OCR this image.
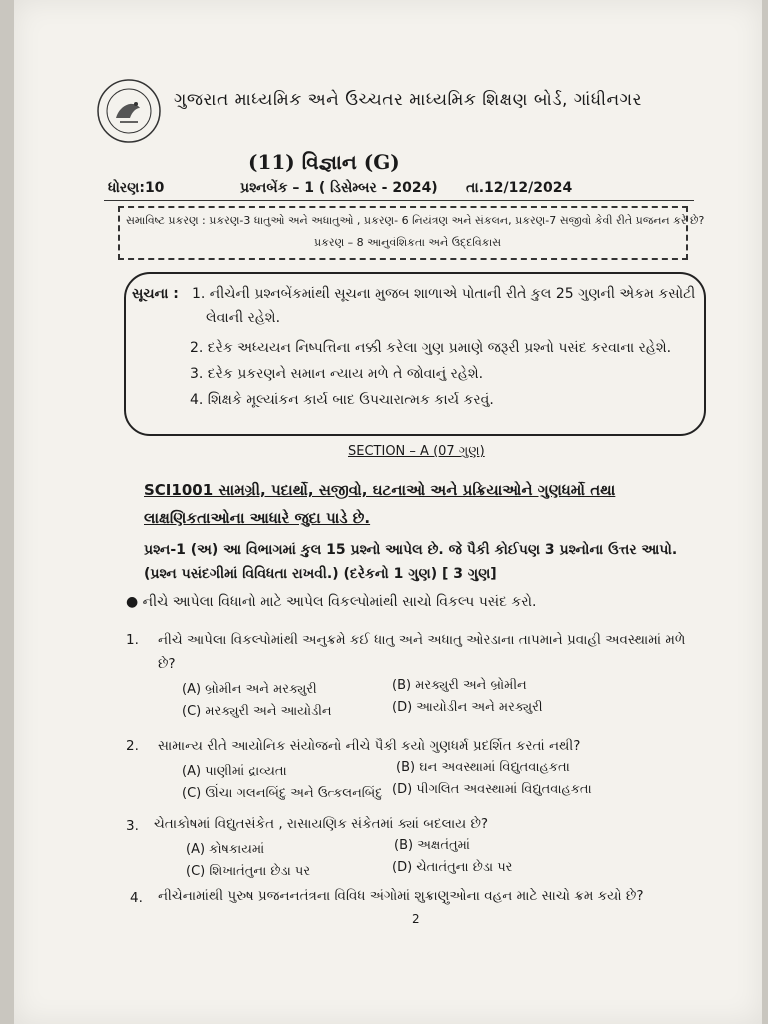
ગુજરાત માધ્યમિક અને ઉચ્ચતર માધ્યમિક શિક્ષણ બોર્ડ, ગાંધીનગર
(11) વિજ્ઞાન (G)
ધોરણ:10	પ્રશ્નબેંક – 1 ( ડિસેમ્બર - 2024) તા.12/12/2024
સમાવિષ્ટ પ્રકરણ : પ્રકરણ-3 ધાતુઓ અને અધાતુઓ , પ્રકરણ- 6 નિયંત્રણ અને સંકલન, પ્રકરણ-7 સજીવો કેવી રીતે પ્રજનન કરે છે?
પ્રકરણ – 8 આનુવંશિકતા અને ઉદ્દવિકાસ
સૂચના : 1. નીચેની પ્રશ્નબેંકમાંથી સૂચના મુજબ શાળાએ પોતાની રીતે કુલ 25 ગુણની એકમ કસોટી
લેવાની રહેશે.
2. દરેક અધ્યયન નિષ્પત્તિના નક્કી કરેલા ગુણ પ્રમાણે જરૂરી પ્રશ્નો પસંદ કરવાના રહેશે.
3. દરેક પ્રકરણને સમાન ન્યાય મળે તે જોવાનું રહેશે.
4. શિક્ષકે મૂલ્યાંકન કાર્ય બાદ ઉપચારાત્મક કાર્ય કરવું.
SECTION – A (07 ગુણ)
SCI1001 સામગ્રી, પદાર્થો, સજીવો, ઘટનાઓ અને પ્રક્રિયાઓને ગુણધર્મો તથા લાક્ષણિકતાઓના આધારે જુદા પાડે છે.
પ્રશ્ન-1 (અ) આ વિભાગમાં કુલ 15 પ્રશ્નો આપેલ છે. જે પૈકી કોઈપણ 3 પ્રશ્નોના ઉત્તર આપો. (પ્રશ્ન પસંદગીમાં વિવિધતા રાખવી.) (દરેકનો 1 ગુણ) [ 3 ગુણ]
● નીચે આપેલા વિધાનો માટે આપેલ વિકલ્પોમાંથી સાચો વિકલ્પ પસંદ કરો.
1. નીચે આપેલા વિકલ્પોમાંથી અનુક્રમે કઈ ધાતુ અને અધાતુ ઓરડાના તાપમાને પ્રવાહી અવસ્થામાં મળે
છે?
(A) બ્રોમીન અને મરક્યુરી	(B) મરક્યુરી અને બ્રોમીન
(C) મરક્યુરી અને આયોડીન	(D) આયોડીન અને મરક્યુરી
2. સામાન્ય રીતે આયોનિક સંયોજનો નીચે પૈકી કયો ગુણધર્મ પ્રદર્શિત કરતાં નથી?
(A) પાણીમાં દ્રાવ્યતા	(B) ઘન અવસ્થામાં વિદ્યુતવાહકતા
(C) ઊંચા ગલનબિંદુ અને ઉત્કલનબિંદુ (D) પીગલિત અવસ્થામાં વિદ્યુતવાહકતા
3. ચેતાકોષમાં વિદ્યુતસંકેત , રાસાયણિક સંકેતમાં ક્યાં બદલાય છે?
(A) કોષકાયમાં	(B) અક્ષતંતુમાં
(C) શિખાતંતુના છેડા પર	(D) ચેતાતંતુના છેડા પર
4. નીચેનામાંથી પુરુષ પ્રજનનતંત્રના વિવિધ અંગોમાં શુક્રાણુઓના વહન માટે સાચો ક્રમ કયો છે?
2
